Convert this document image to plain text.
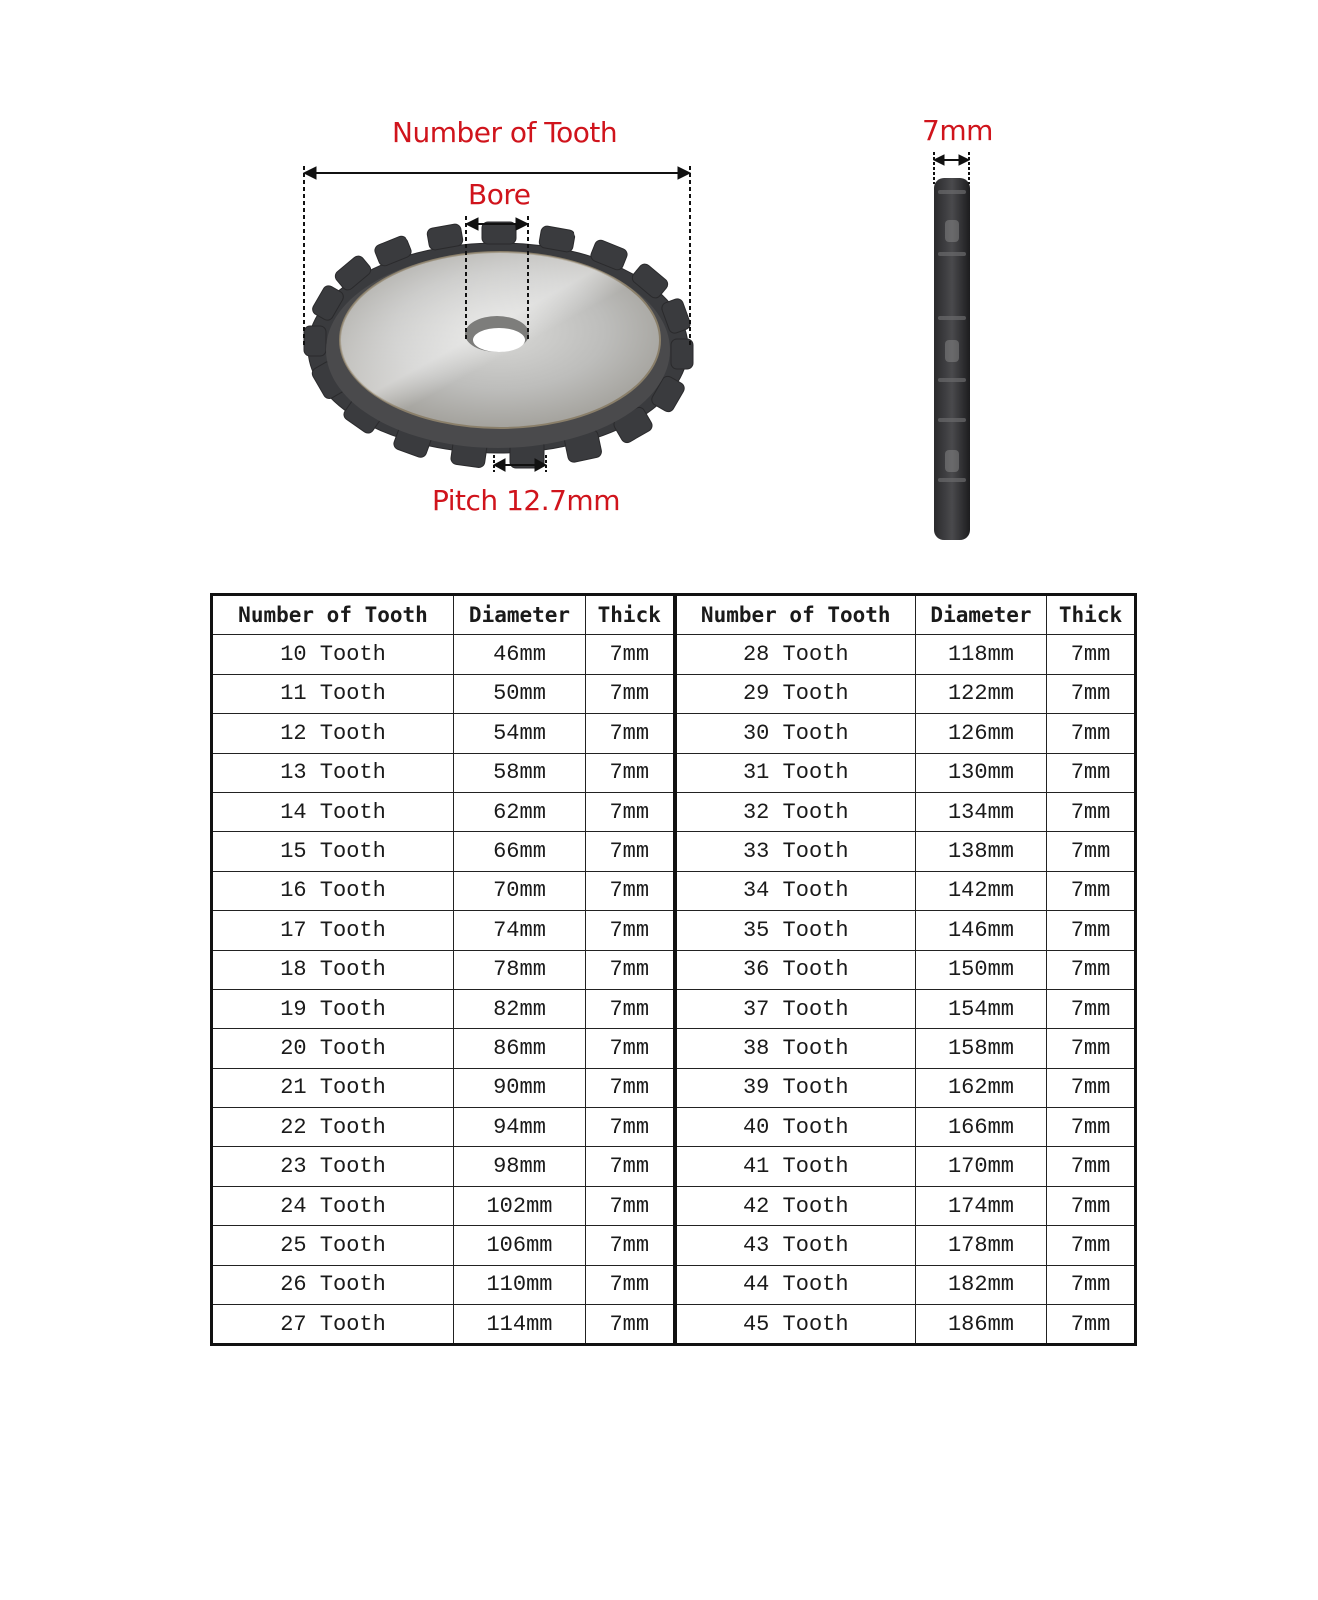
Number of Tooth
Bore
Pitch 12.7mm
7mm
Number of Tooth	Diameter	Thick	Number of Tooth	Diameter	Thick
10 Tooth	46mm	7mm	28 Tooth	118mm	7mm
11 Tooth	50mm	7mm	29 Tooth	122mm	7mm
12 Tooth	54mm	7mm	30 Tooth	126mm	7mm
13 Tooth	58mm	7mm	31 Tooth	130mm	7mm
14 Tooth	62mm	7mm	32 Tooth	134mm	7mm
15 Tooth	66mm	7mm	33 Tooth	138mm	7mm
16 Tooth	70mm	7mm	34 Tooth	142mm	7mm
17 Tooth	74mm	7mm	35 Tooth	146mm	7mm
18 Tooth	78mm	7mm	36 Tooth	150mm	7mm
19 Tooth	82mm	7mm	37 Tooth	154mm	7mm
20 Tooth	86mm	7mm	38 Tooth	158mm	7mm
21 Tooth	90mm	7mm	39 Tooth	162mm	7mm
22 Tooth	94mm	7mm	40 Tooth	166mm	7mm
23 Tooth	98mm	7mm	41 Tooth	170mm	7mm
24 Tooth	102mm	7mm	42 Tooth	174mm	7mm
25 Tooth	106mm	7mm	43 Tooth	178mm	7mm
26 Tooth	110mm	7mm	44 Tooth	182mm	7mm
27 Tooth	114mm	7mm	45 Tooth	186mm	7mm
